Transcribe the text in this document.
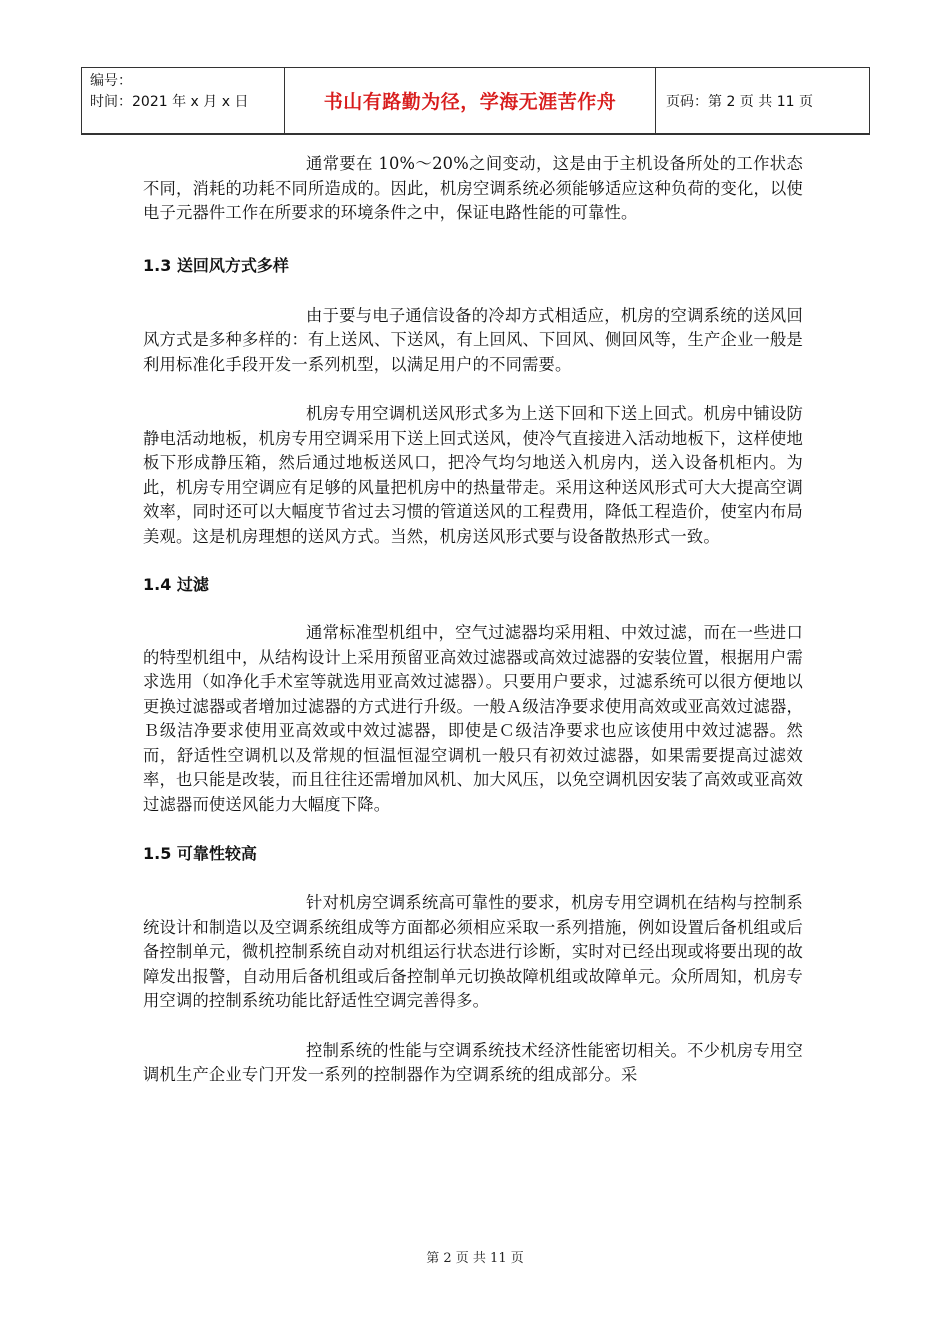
编号：
时间：2021 年 x 月 x 日	书山有路勤为径，学海无涯苦作舟	页码：第 2 页 共 11 页

通常要在 10%～20%之间变动，这是由于主机设备所处的工作状态不同，消耗的功耗不同所造成的。因此，机房空调系统必须能够适应这种负荷的变化，以使电子元器件工作在所要求的环境条件之中，保证电路性能的可靠性。

1.3 送回风方式多样

由于要与电子通信设备的冷却方式相适应，机房的空调系统的送风回风方式是多种多样的：有上送风、下送风，有上回风、下回风、侧回风等，生产企业一般是利用标准化手段开发一系列机型，以满足用户的不同需要。

机房专用空调机送风形式多为上送下回和下送上回式。机房中铺设防静电活动地板，机房专用空调采用下送上回式送风，使冷气直接进入活动地板下，这样使地板下形成静压箱，然后通过地板送风口，把冷气均匀地送入机房内，送入设备机柜内。为此，机房专用空调应有足够的风量把机房中的热量带走。采用这种送风形式可大大提高空调效率，同时还可以大幅度节省过去习惯的管道送风的工程费用，降低工程造价，使室内布局美观。这是机房理想的送风方式。当然，机房送风形式要与设备散热形式一致。

1.4 过滤

通常标准型机组中，空气过滤器均采用粗、中效过滤，而在一些进口的特型机组中，从结构设计上采用预留亚高效过滤器或高效过滤器的安装位置，根据用户需求选用（如净化手术室等就选用亚高效过滤器）。只要用户要求，过滤系统可以很方便地以更换过滤器或者增加过滤器的方式进行升级。一般Ａ级洁净要求使用高效或亚高效过滤器，Ｂ级洁净要求使用亚高效或中效过滤器，即使是Ｃ级洁净要求也应该使用中效过滤器。然而，舒适性空调机以及常规的恒温恒湿空调机一般只有初效过滤器，如果需要提高过滤效率，也只能是改装，而且往往还需增加风机、加大风压，以免空调机因安装了高效或亚高效过滤器而使送风能力大幅度下降。

1.5 可靠性较高

针对机房空调系统高可靠性的要求，机房专用空调机在结构与控制系统设计和制造以及空调系统组成等方面都必须相应采取一系列措施，例如设置后备机组或后备控制单元，微机控制系统自动对机组运行状态进行诊断，实时对已经出现或将要出现的故障发出报警，自动用后备机组或后备控制单元切换故障机组或故障单元。众所周知，机房专用空调的控制系统功能比舒适性空调完善得多。

控制系统的性能与空调系统技术经济性能密切相关。不少机房专用空调机生产企业专门开发一系列的控制器作为空调系统的组成部分。采

第 2 页 共 11 页
